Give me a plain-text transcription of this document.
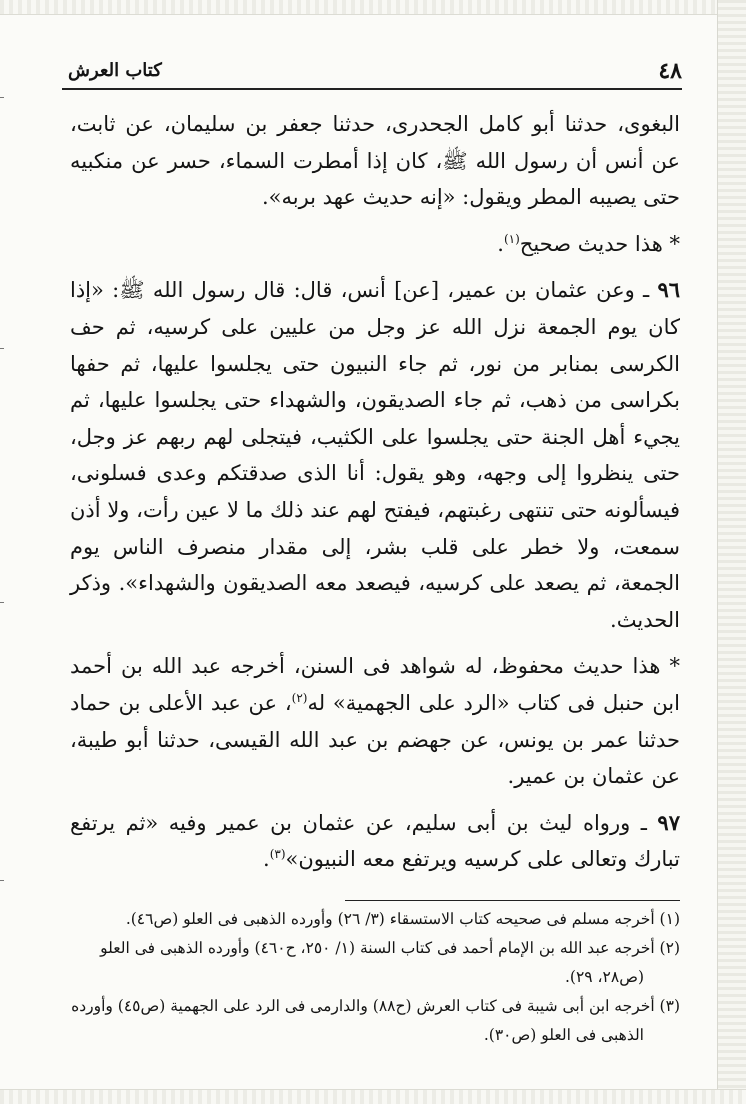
٤٨
كتاب العرش

البغوى، حدثنا أبو كامل الجحدرى، حدثنا جعفر بن سليمان، عن ثابت، عن أنس أن رسول الله ﷺ، كان إذا أمطرت السماء، حسر عن منكبيه حتى يصيبه المطر ويقول: «إنه حديث عهد بربه».

* هذا حديث صحيح$^{(١)}$.

٩٦ ـ وعن عثمان بن عمير، [عن] أنس، قال: قال رسول الله ﷺ: «إذا كان يوم الجمعة نزل الله عز وجل من عليين على كرسيه، ثم حف الكرسى بمنابر من نور، ثم جاء النبيون حتى يجلسوا عليها، ثم حفها بكراسى من ذهب، ثم جاء الصديقون، والشهداء حتى يجلسوا عليها، ثم يجيء أهل الجنة حتى يجلسوا على الكثيب، فيتجلى لهم ربهم عز وجل، حتى ينظروا إلى وجهه، وهو يقول: أنا الذى صدقتكم وعدى فسلونى، فيسألونه حتى تنتهى رغبتهم، فيفتح لهم عند ذلك ما لا عين رأت، ولا أذن سمعت، ولا خطر على قلب بشر، إلى مقدار منصرف الناس يوم الجمعة، ثم يصعد على كرسيه، فيصعد معه الصديقون والشهداء». وذكر الحديث.

* هذا حديث محفوظ، له شواهد فى السنن، أخرجه عبد الله بن أحمد ابن حنبل فى كتاب «الرد على الجهمية» له$^{(٢)}$، عن عبد الأعلى بن حماد حدثنا عمر بن يونس، عن جهضم بن عبد الله القيسى، حدثنا أبو طيبة، عن عثمان بن عمير.

٩٧ ـ ورواه ليث بن أبى سليم، عن عثمان بن عمير وفيه «ثم يرتفع تبارك وتعالى على كرسيه ويرتفع معه النبيون»$^{(٣)}$.

(١) أخرجه مسلم فى صحيحه كتاب الاستسقاء (٣/ ٢٦) وأورده الذهبى فى العلو (ص٤٦).

(٢) أخرجه عبد الله بن الإمام أحمد فى كتاب السنة (١/ ٢٥٠، ح٤٦٠) وأورده الذهبى فى العلو

(ص٢٨، ٢٩).

(٣) أخرجه ابن أبى شيبة فى كتاب العرش (ح٨٨) والدارمى فى الرد على الجهمية (ص٤٥) وأورده

الذهبى فى العلو (ص٣٠).
